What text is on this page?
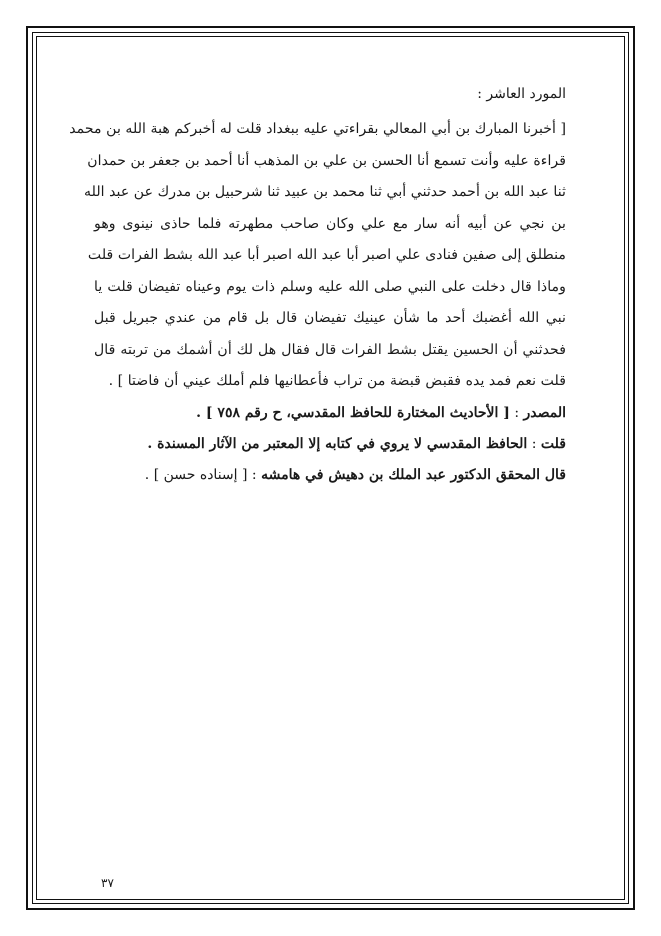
المورد العاشر :

[ أخبرنا المبارك بن أبي المعالي بقراءتي عليه ببغداد قلت له أخبركم هبة الله بن محمد
قراءة عليه وأنت تسمع أنا الحسن بن علي بن المذهب أنا أحمد بن جعفر بن حمدان
ثنا عبد الله بن أحمد حدثني أبي ثنا محمد بن عبيد ثنا شرحبيل بن مدرك عن عبد الله
بن نجي عن أبيه أنه سار مع علي وكان صاحب مطهرته فلما حاذى نينوى وهو
منطلق إلى صفين فنادى علي اصبر أبا عبد الله اصبر أبا عبد الله بشط الفرات قلت
وماذا قال دخلت على النبي صلى الله عليه وسلم ذات يوم وعيناه تفيضان قلت يا
نبي الله أغضبك أحد ما شأن عينيك تفيضان قال بل قام من عندي جبريل قبل
فحدثني أن الحسين يقتل بشط الفرات قال فقال هل لك أن أشمك من تربته قال
قلت نعم فمد يده فقبض قبضة من تراب فأعطانيها فلم أملك عيني أن فاضتا ] .

المصدر : [ الأحاديث المختارة للحافظ المقدسي، ح رقم ٧٥٨ ] .

قلت : الحافظ المقدسي لا يروي في كتابه إلا المعتبر من الآثار المسندة .

قال المحقق الدكتور عبد الملك بن دهيش في هامشه : [ إسناده حسن ] .

٣٧
